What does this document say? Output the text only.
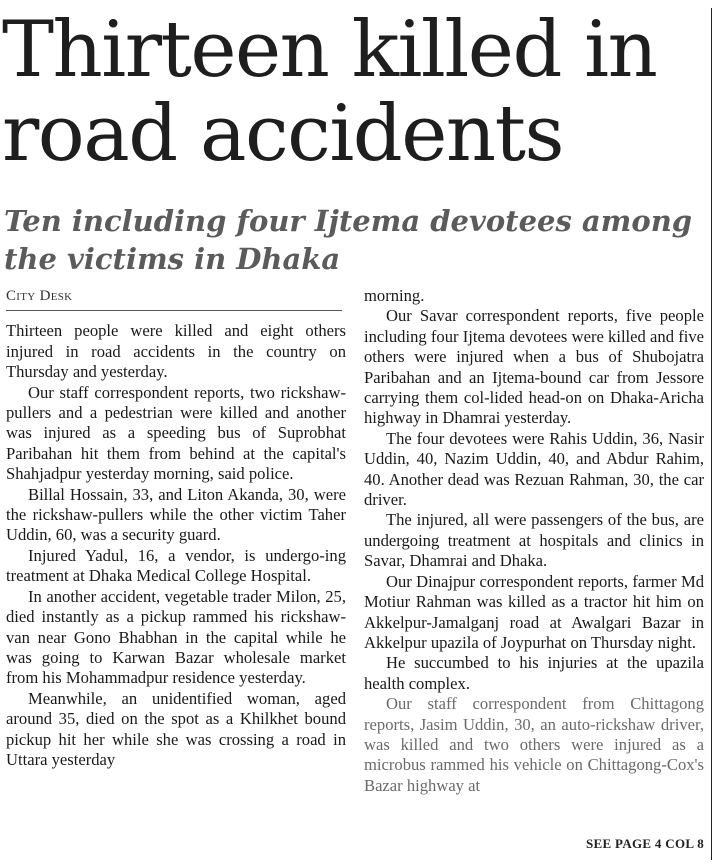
Thirteen killed in
road accidents
Ten including four Ijtema devotees among
the victims in Dhaka
City Desk

Thirteen people were killed and eight others injured in road accidents in the country on Thursday and yesterday.

Our staff correspondent reports, two rickshaw-pullers and a pedestrian were killed and another was injured as a speeding bus of Suprobhat Paribahan hit them from behind at the capital's Shahjadpur yesterday morning, said police.

Billal Hossain, 33, and Liton Akanda, 30, were the rickshaw-pullers while the other victim Taher Uddin, 60, was a security guard.

Injured Yadul, 16, a vendor, is undergo-ing treatment at Dhaka Medical College Hospital.

In another accident, vegetable trader Milon, 25, died instantly as a pickup rammed his rickshaw-van near Gono Bhabhan in the capital while he was going to Karwan Bazar wholesale market from his Mohammadpur residence yesterday.

Meanwhile, an unidentified woman, aged around 35, died on the spot as a Khilkhet bound pickup hit her while she was crossing a road in Uttara yesterday

morning.

Our Savar correspondent reports, five people including four Ijtema devotees were killed and five others were injured when a bus of Shubojatra Paribahan and an Ijtema-bound car from Jessore carrying them col-lided head-on on Dhaka-Aricha highway in Dhamrai yesterday.

The four devotees were Rahis Uddin, 36, Nasir Uddin, 40, Nazim Uddin, 40, and Abdur Rahim, 40. Another dead was Rezuan Rahman, 30, the car driver.

The injured, all were passengers of the bus, are undergoing treatment at hospitals and clinics in Savar, Dhamrai and Dhaka.

Our Dinajpur correspondent reports, farmer Md Motiur Rahman was killed as a tractor hit him on Akkelpur-Jamalganj road at Awalgari Bazar in Akkelpur upazila of Joypurhat on Thursday night.

He succumbed to his injuries at the upazila health complex.

Our staff correspondent from Chittagong reports, Jasim Uddin, 30, an auto-rickshaw driver, was killed and two others were injured as a microbus rammed his vehicle on Chittagong-Cox's Bazar highway at

SEE PAGE 4 COL 8
